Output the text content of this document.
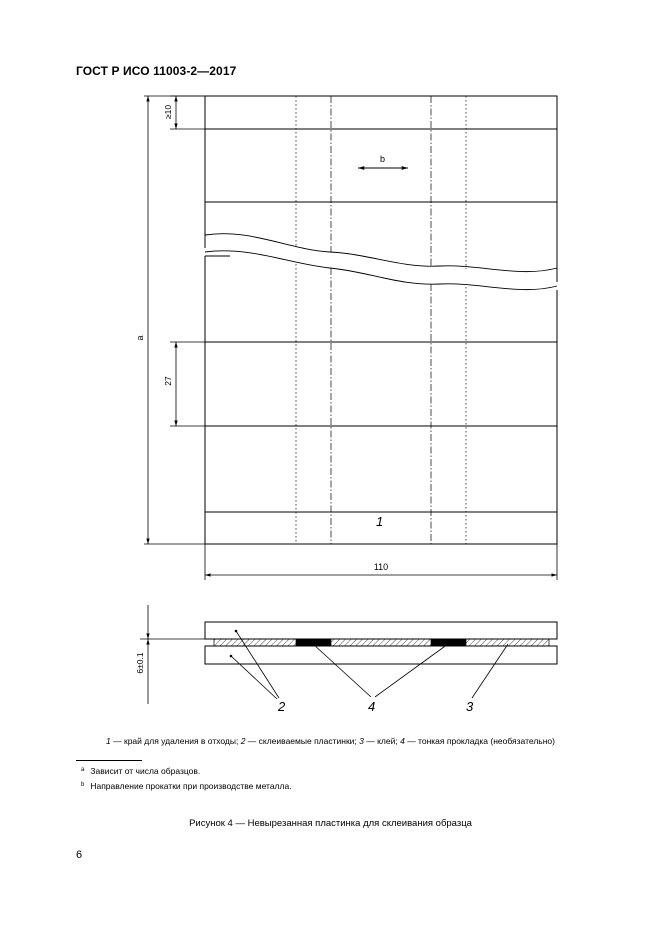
ГОСТ Р ИСО 11003-2—2017
b
1
≥10
a
27
110
6±0.1
2	4	3
1 — край для удаления в отходы; 2 — склеиваемые пластинки; 3 — клей; 4 — тонкая прокладка (необязательно)
$^a$ Зависит от числа образцов.
$^b$ Направление прокатки при производстве металла.
Рисунок 4 — Невырезанная пластинка для склеивания образца
6
